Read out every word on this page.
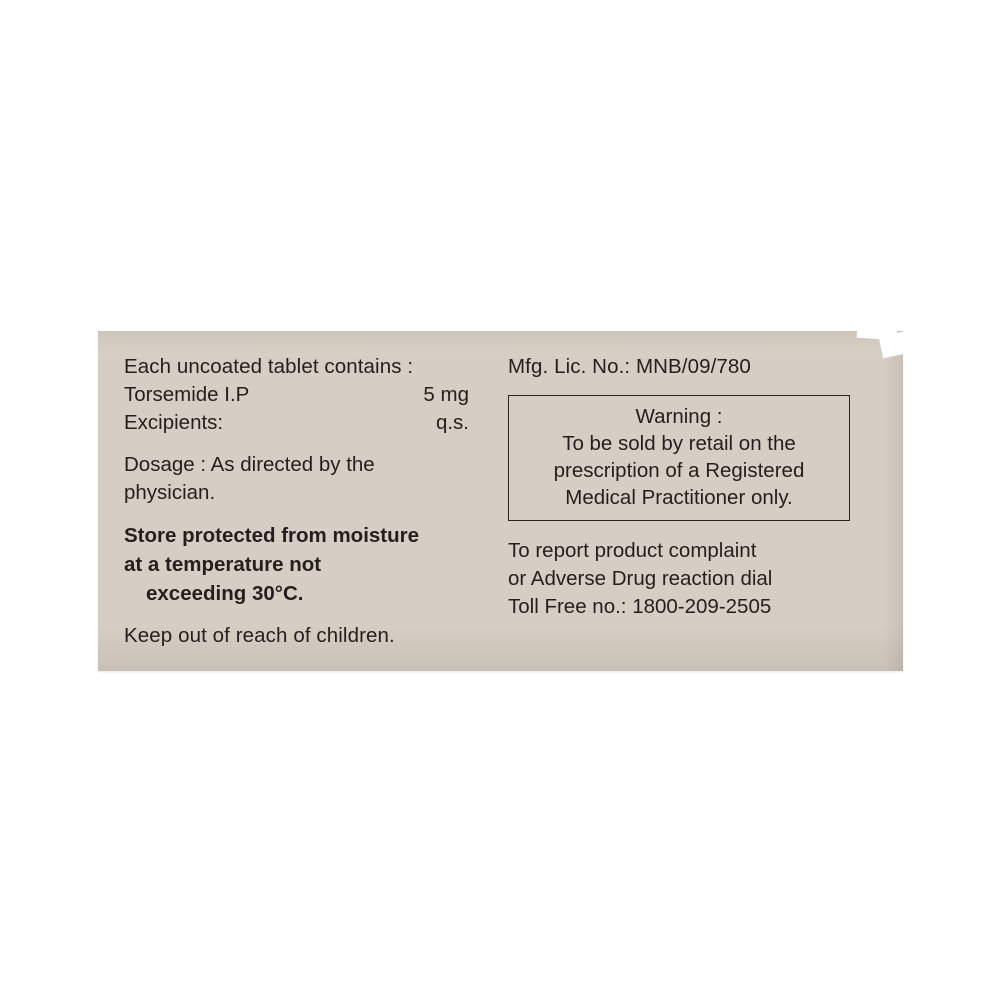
Each uncoated tablet contains :
Torsemide I.P	5 mg
Excipients:	q.s.
Dosage : As directed by the physician.
Store protected from moisture
at a temperature not
exceeding 30°C.
Keep out of reach of children.
Mfg. Lic. No.: MNB/09/780
Warning :
To be sold by retail on the
prescription of a Registered
Medical Practitioner only.
To report product complaint
or Adverse Drug reaction dial
Toll Free no.: 1800-209-2505
